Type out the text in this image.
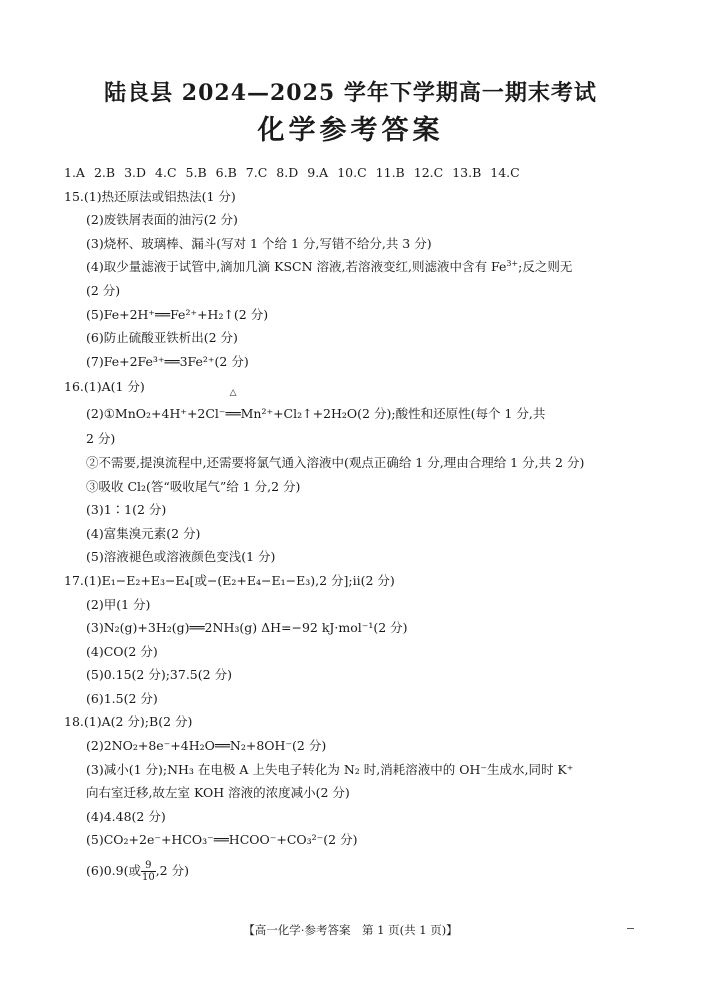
陆良县 2024—2025 学年下学期高一期末考试
化学参考答案
1.A 2.B 3.D 4.C 5.B 6.B 7.C 8.D 9.A 10.C 11.B 12.C 13.B 14.C
15.(1)热还原法或铝热法(1 分)
(2)废铁屑表面的油污(2 分)
(3)烧杯、玻璃棒、漏斗(写对 1 个给 1 分,写错不给分,共 3 分)
(4)取少量滤液于试管中,滴加几滴 KSCN 溶液,若溶液变红,则滤液中含有 $Fe^{3+}$;反之则无
(2 分)
(5)Fe+2H⁺══Fe²⁺+H₂↑(2 分)
(6)防止硫酸亚铁析出(2 分)
(7)Fe+2Fe³⁺══3Fe²⁺(2 分)
16.(1)A(1 分)
(2)①MnO₂+4H⁺+2Cl⁻
△
══Mn²⁺+Cl₂↑+2H₂O(2 分);酸性和还原性(每个 1 分,共
2 分)
②不需要,提溴流程中,还需要将氯气通入溶液中(观点正确给 1 分,理由合理给 1 分,共 2 分)
③吸收 Cl₂(答“吸收尾气”给 1 分,2 分)
(3)1∶1(2 分)
(4)富集溴元素(2 分)
(5)溶液褪色或溶液颜色变浅(1 分)
17.(1)E₁−E₂+E₃−E₄[或−(E₂+E₄−E₁−E₃),2 分];ⅱ(2 分)
(2)甲(1 分)
(3)N₂(g)+3H₂(g)══2NH₃(g) ΔH=−92 kJ·mol⁻¹(2 分)
(4)CO(2 分)
(5)0.15(2 分);37.5(2 分)
(6)1.5(2 分)
18.(1)A(2 分);B(2 分)
(2)2NO₂+8e⁻+4H₂O══N₂+8OH⁻(2 分)
(3)减小(1 分);NH₃ 在电极 A 上失电子转化为 N₂ 时,消耗溶液中的 OH⁻生成水,同时 K⁺
向右室迁移,故左室 KOH 溶液的浓度减小(2 分)
(4)4.48(2 分)
(5)CO₂+2e⁻+HCO₃⁻══HCOO⁻+CO₃²⁻(2 分)
(6)0.9(或 $\frac{9}{10} ,2$ 分)
【高一化学·参考答案　第 1 页(共 1 页)】
